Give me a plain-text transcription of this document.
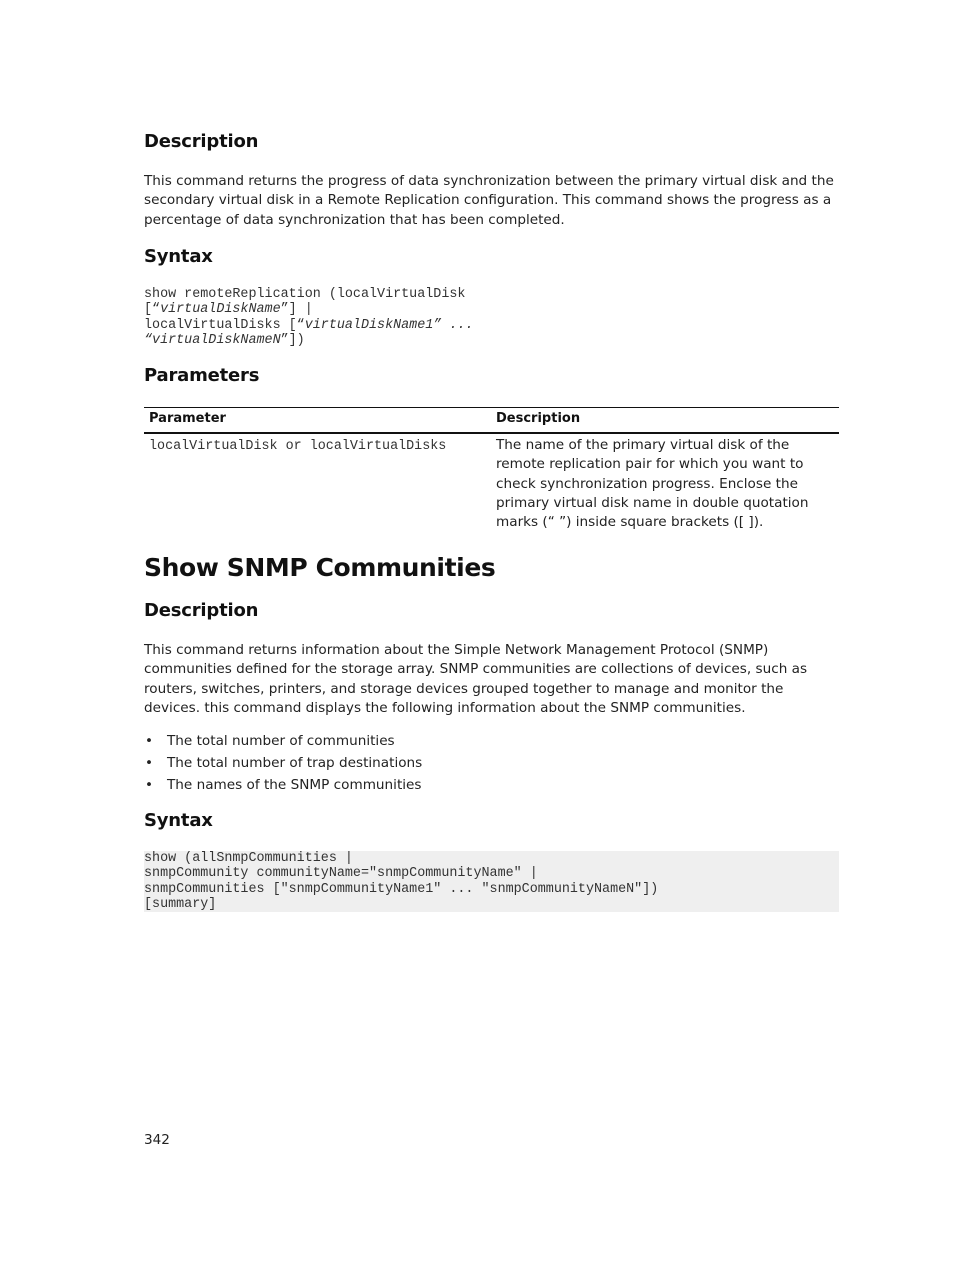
Description

This command returns the progress of data synchronization between the primary virtual disk and the secondary virtual disk in a Remote Replication configuration. This command shows the progress as a percentage of data synchronization that has been completed.

Syntax
show remoteReplication (localVirtualDisk
[“virtualDiskName”] |
localVirtualDisks [“virtualDiskName1” ...
“virtualDiskNameN”])
Parameters
Parameter	Description
localVirtualDisk or localVirtualDisks	The name of the primary virtual disk of the remote replication pair for which you want to check synchronization progress. Enclose the primary virtual disk name in double quotation marks (“ ”) inside square brackets ([ ]).
Show SNMP Communities
Description

This command returns information about the Simple Network Management Protocol (SNMP) communities defined for the storage array. SNMP communities are collections of devices, such as routers, switches, printers, and storage devices grouped together to manage and monitor the devices. this command displays the following information about the SNMP communities.

• The total number of communities
• The total number of trap destinations
• The names of the SNMP communities
Syntax
show (allSnmpCommunities |
snmpCommunity communityName="snmpCommunityName" |
snmpCommunities ["snmpCommunityName1" ... "snmpCommunityNameN"])
[summary]
342
